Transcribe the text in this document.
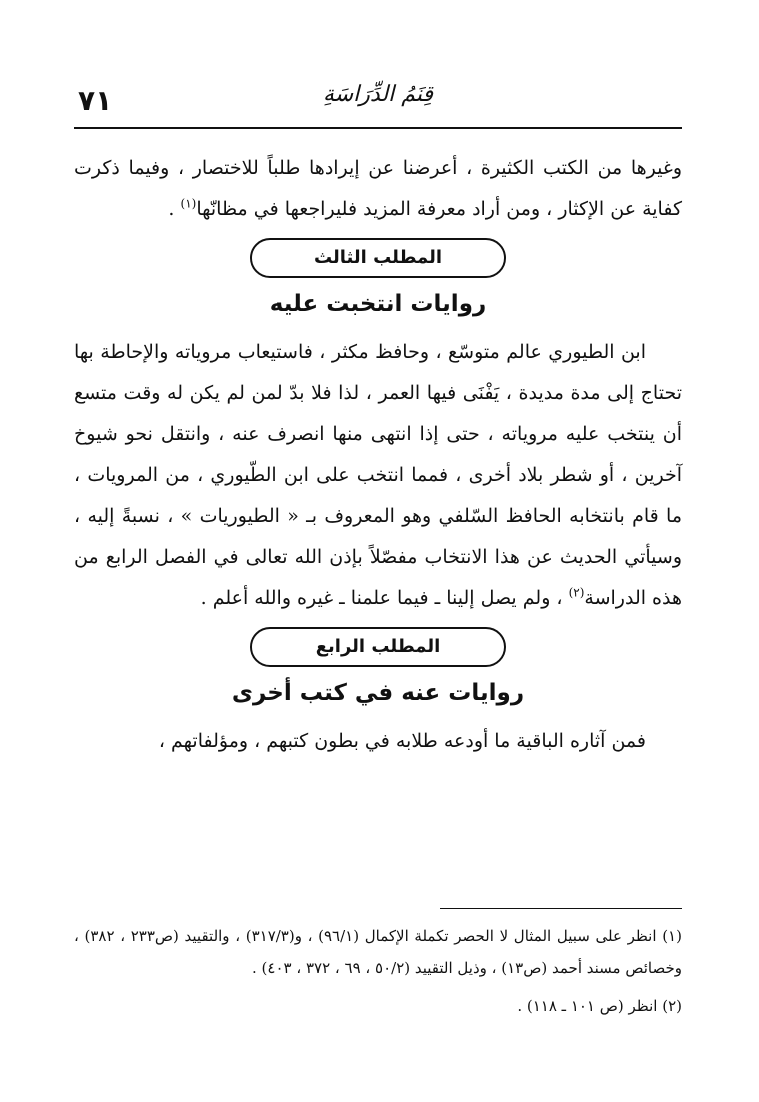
٧١	قِنَمُ الدِّرَاسَةِ

وغيرها من الكتب الكثيرة ، أعرضنا عن إيرادها طلباً للاختصار ، وفيما ذكرت كفاية عن الإكثار ، ومن أراد معرفة المزيد فليراجعها في مظانّها$^{(١)}$ .

المطلب الثالث
روايات انتخبت عليه

ابن الطيوري عالم متوسّع ، وحافظ مكثر ، فاستيعاب مروياته والإحاطة بها تحتاج إلى مدة مديدة ، يَفْنَى فيها العمر ، لذا فلا بدّ لمن لم يكن له وقت متسع أن ينتخب عليه مروياته ، حتى إذا انتهى منها انصرف عنه ، وانتقل نحو شيوخ آخرين ، أو شطر بلاد أخرى ، فمما انتخب على ابن الطّيوري ، من المرويات ، ما قام بانتخابه الحافظ السّلفي وهو المعروف بـ « الطيوريات » ، نسبةً إليه ، وسيأتي الحديث عن هذا الانتخاب مفصّلاً بإذن الله تعالى في الفصل الرابع من هذه الدراسة$^{(٢)}$ ، ولم يصل إلينا ـ فيما علمنا ـ غيره والله أعلم .

المطلب الرابع
روايات عنه في كتب أخرى

فمن آثاره الباقية ما أودعه طلابه في بطون كتبهم ، ومؤلفاتهم ،

(١) انظر على سبيل المثال لا الحصر تكملة الإكمال (٩٦/١) ، و(٣١٧/٣) ، والتقييد (ص٢٣٣ ، ٣٨٢) ، وخصائص مسند أحمد (ص١٣) ، وذيل التقييد (٥٠/٢ ، ٦٩ ، ٣٧٢ ، ٤٠٣) .

(٢) انظر (ص ١٠١ ـ ١١٨) .
